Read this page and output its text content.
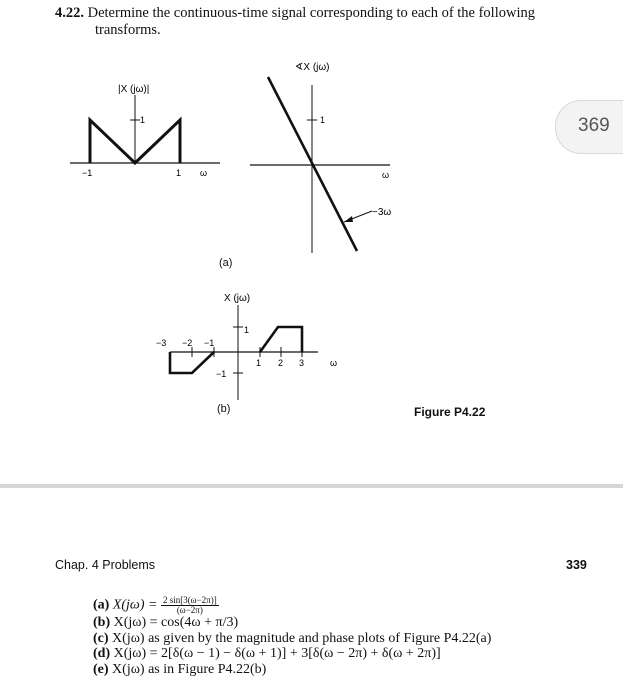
4.22. Determine the continuous-time signal corresponding to each of the following
transforms.
|X (jω)|
1
−1	1 ω
∢X (jω)
1
ω
−3ω
(a)
X (jω)
1
−1
−3 −2 −1
1 2 3	ω
(b)	Figure P4.22
369
Chap. 4 Problems	339
(a) $X(j\omega) = \frac{2 \sin[3(\omega-2\pi)]}{(\omega-2\pi)}$
(b) X(jω) = cos(4ω + π/3)
(c) X(jω) as given by the magnitude and phase plots of Figure P4.22(a)
(d) X(jω) = 2[δ(ω − 1) − δ(ω + 1)] + 3[δ(ω − 2π) + δ(ω + 2π)]
(e) X(jω) as in Figure P4.22(b)
